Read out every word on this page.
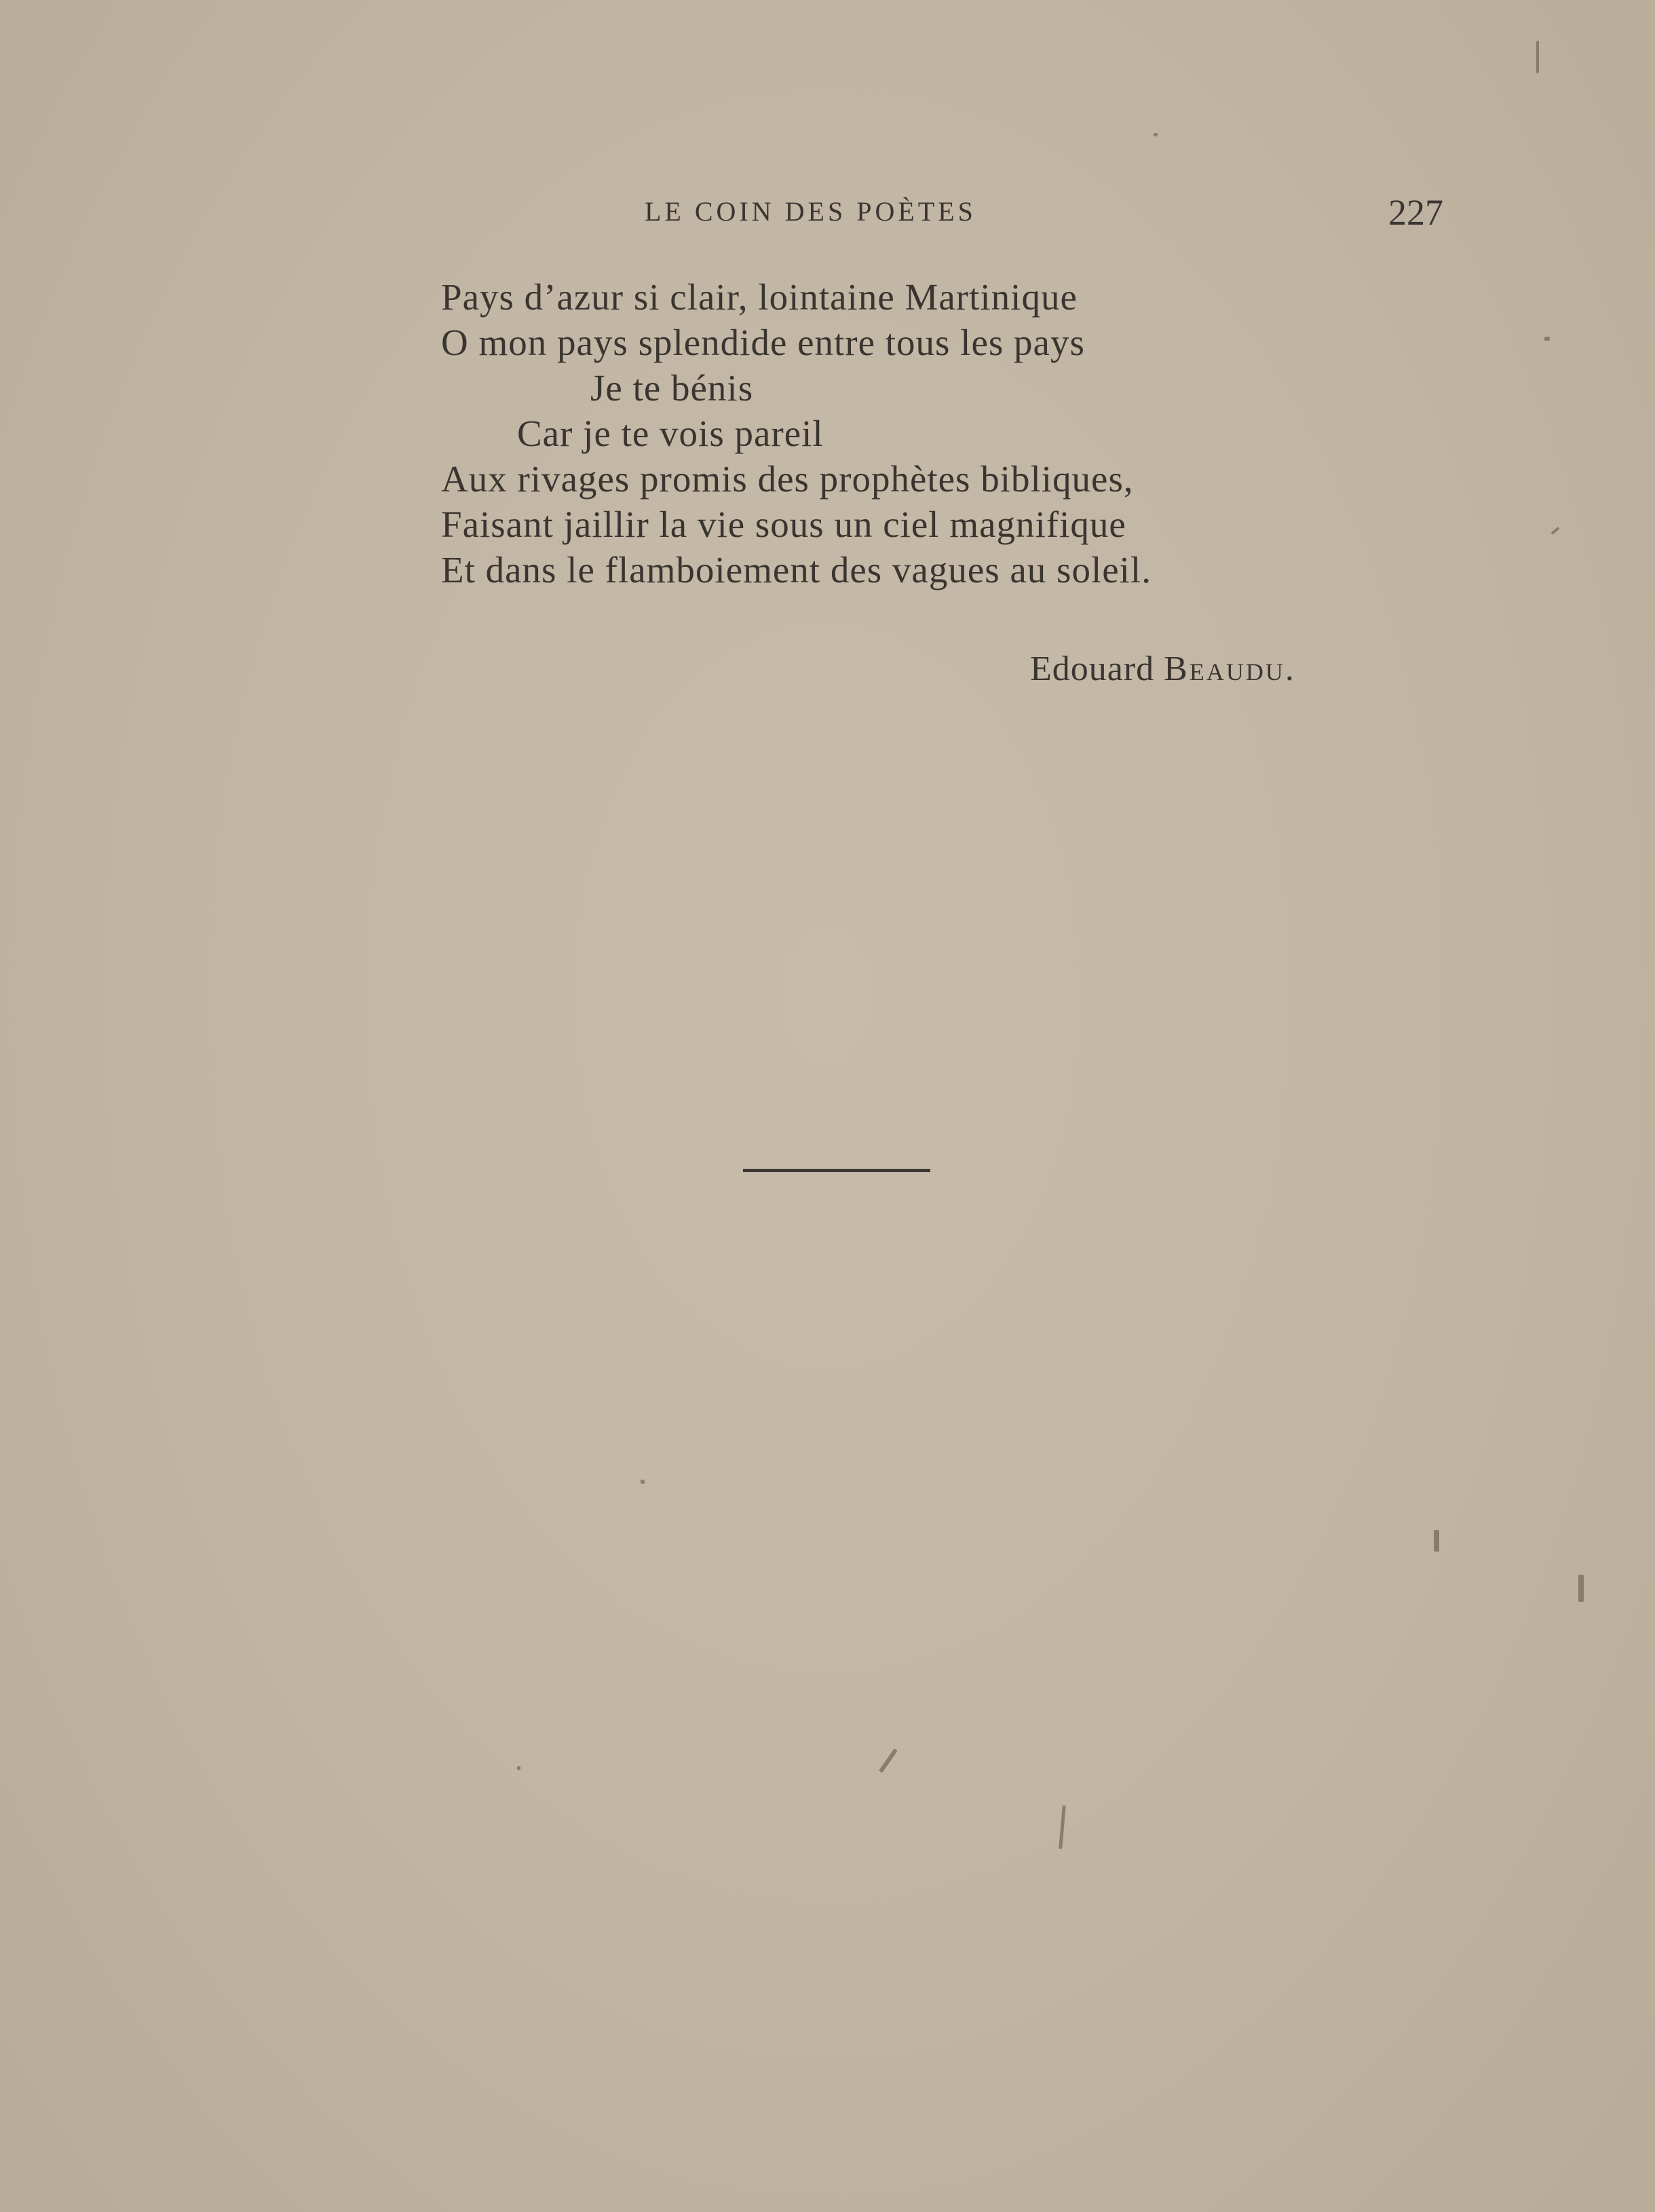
LE COIN DES POÈTES	227
Pays d’azur si clair, lointaine Martinique
O mon pays splendide entre tous les pays
Je te bénis
Car je te vois pareil
Aux rivages promis des prophètes bibliques,
Faisant jaillir la vie sous un ciel magnifique
Et dans le flamboiement des vagues au soleil.
Edouard Beaudu.
